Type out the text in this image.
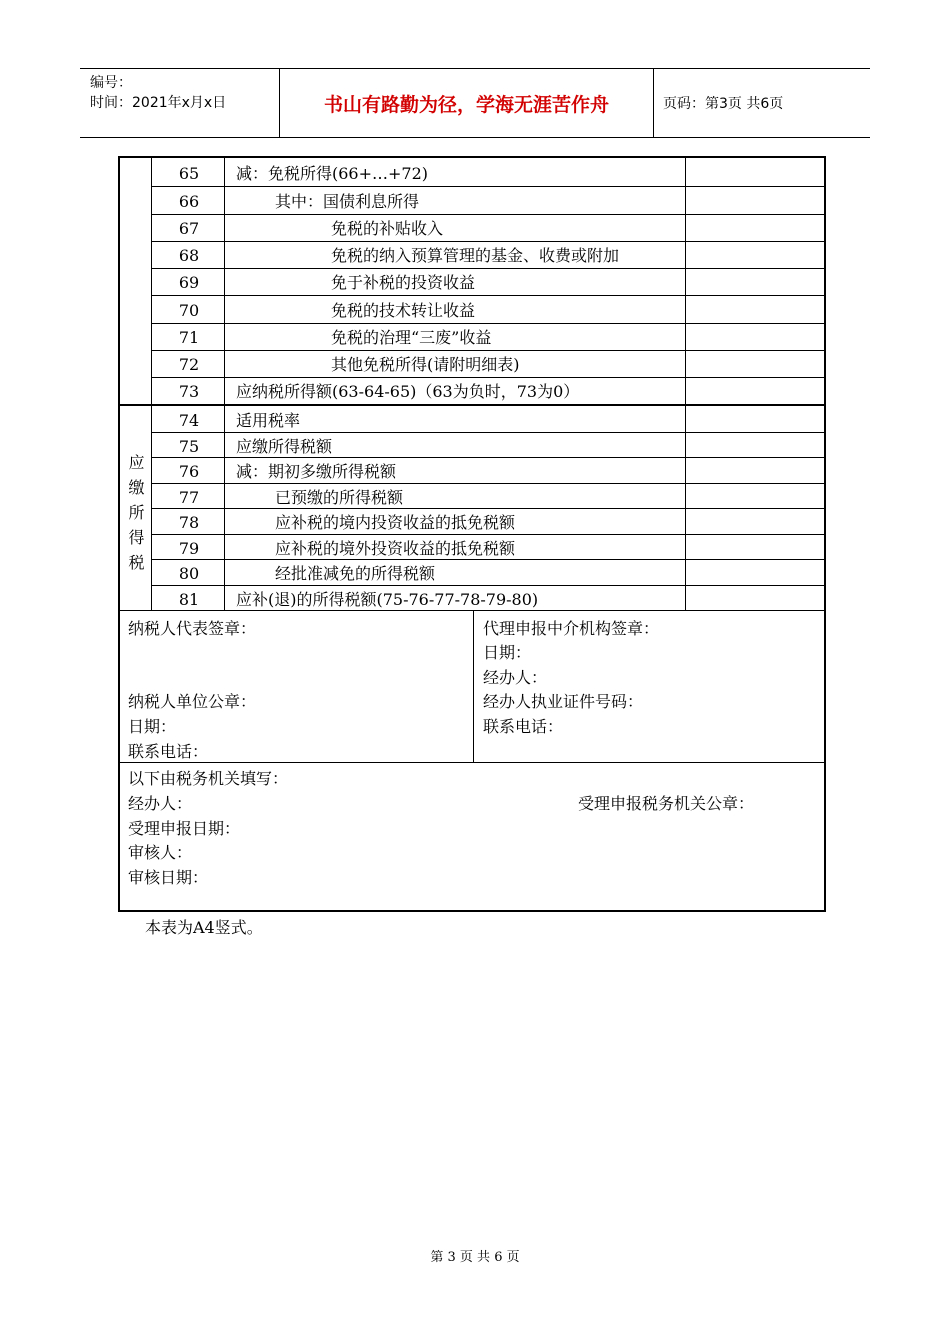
编号：
时间：2021年x月x日	书山有路勤为径，学海无涯苦作舟	页码：第3页 共6页
65	减：免税所得(66+…+72)
66	其中：国债利息所得
67	免税的补贴收入
68	免税的纳入预算管理的基金、收费或附加
69	免于补税的投资收益
70	免税的技术转让收益
71	免税的治理“三废”收益
72	其他免税所得(请附明细表)
73	应纳税所得额(63-64-65)（63为负时，73为0）
应
缴
所
得
税
74	适用税率
75	应缴所得税额
76	减：期初多缴所得税额
77	已预缴的所得税额
78	应补税的境内投资收益的抵免税额
79	应补税的境外投资收益的抵免税额
80	经批准减免的所得税额
81	应补(退)的所得税额(75-76-77-78-79-80)
纳税人代表签章：
纳税人单位公章：
日期：
联系电话：
代理申报中介机构签章：
日期：
经办人：
经办人执业证件号码：
联系电话：
以下由税务机关填写：
经办人：	受理申报税务机关公章：
受理申报日期：
审核人：
审核日期：
本表为A4竖式。
第 3 页 共 6 页
